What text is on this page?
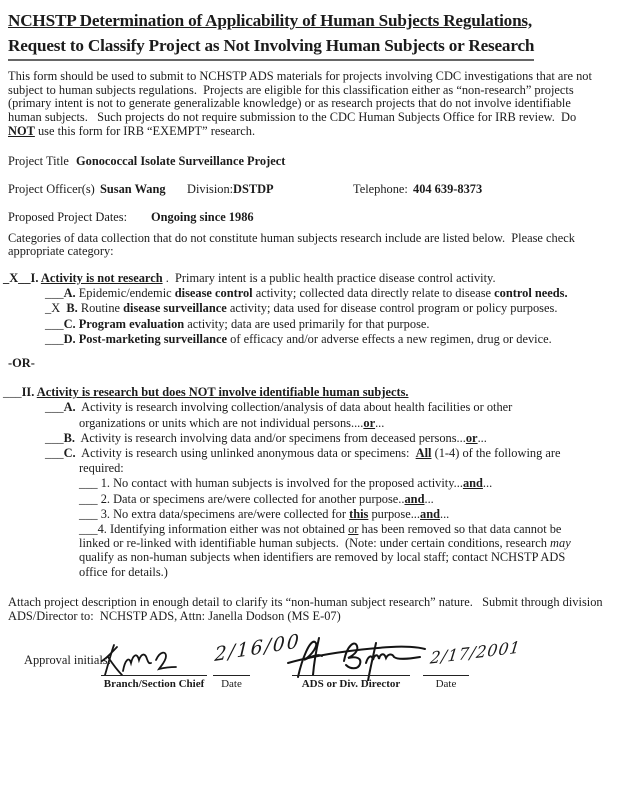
NCHSTP Determination of Applicability of Human Subjects Regulations,
Request to Classify Project as Not Involving Human Subjects or Research
This form should be used to submit to NCHSTP ADS materials for projects involving CDC investigations that are not
subject to human subjects regulations.  Projects are eligible for this classification either as “non-research” projects
(primary intent is not to generate generalizable knowledge) or as research projects that do not involve identifiable
human subjects.   Such projects do not require submission to the CDC Human Subjects Office for IRB review.  Do
NOT use this form for IRB “EXEMPT” research.
Project Title Gonococcal Isolate Surveillance Project
Project Officer(s) Susan Wang Division: DSTDP	Telephone: 404 639-8373
Proposed Project Dates: Ongoing since 1986
Categories of data collection that do not constitute human subjects research include are listed below.  Please check
appropriate category:
_X__I. Activity is not research .  Primary intent is a public health practice disease control activity.
___A. Epidemic/endemic disease control activity; collected data directly relate to disease control needs.
_X  B. Routine disease surveillance activity; data used for disease control program or policy purposes.
___C. Program evaluation activity; data are used primarily for that purpose.
___D. Post-marketing surveillance of efficacy and/or adverse effects a new regimen, drug or device.
-OR-
___II. Activity is research but does NOT involve identifiable human subjects.
___A.  Activity is research involving collection/analysis of data about health facilities or other
organizations or units which are not individual persons....or...
___B.  Activity is research involving data and/or specimens from deceased persons...or...
___C.  Activity is research using unlinked anonymous data or specimens:  All (1-4) of the following are
required:
___ 1. No contact with human subjects is involved for the proposed activity...and...
___ 2. Data or specimens are/were collected for another purpose..and...
___ 3. No extra data/specimens are/were collected for this purpose...and...
___4. Identifying information either was not obtained or has been removed so that data cannot be
linked or re-linked with identifiable human subjects.  (Note: under certain conditions, research may
qualify as non-human subjects when identifiers are removed by local staff; contact NCHSTP ADS
office for details.)
Attach project description in enough detail to clarify its “non-human subject research” nature.   Submit through division
ADS/Director to:  NCHSTP ADS, Attn: Janella Dodson (MS E-07)
Approval initials:
Branch/Section Chief
2/16/00
Date	ADS or Div. Director
2/17/2001
Date
